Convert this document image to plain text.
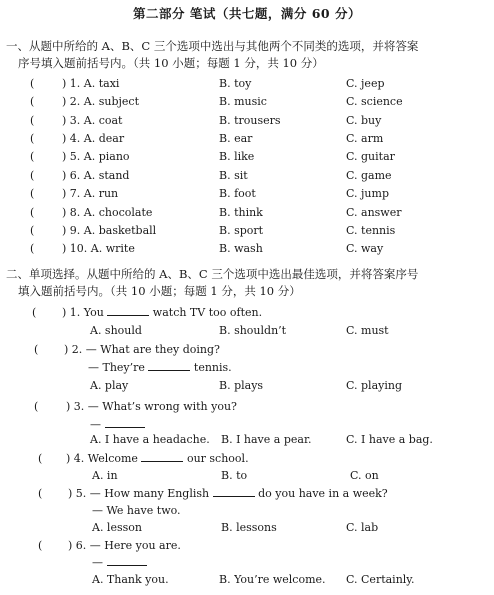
第二部分 笔试（共七题，满分 60 分）
一、从题中所给的 A、B、C 三个选项中选出与其他两个不同类的选项，并将答案
序号填入题前括号内。（共 10 小题；每题 1 分，共 10 分）
(	) 1. A. taxi	B. toy	C. jeep
(	) 2. A. subject	B. music	C. science
(	) 3. A. coat	B. trousers	C. buy
(	) 4. A. dear	B. ear	C. arm
(	) 5. A. piano	B. like	C. guitar
(	) 6. A. stand	B. sit	C. game
(	) 7. A. run	B. foot	C. jump
(	) 8. A. chocolate	B. think	C. answer
(	) 9. A. basketball	B. sport	C. tennis
(	) 10. A. write	B. wash	C. way
二、单项选择。从题中所给的 A、B、C 三个选项中选出最佳选项，并将答案序号
填入题前括号内。（共 10 小题；每题 1 分，共 10 分）
( ) 1. You	watch TV too often.
A. should	B. shouldn’t	C. must
( ) 2. — What are they doing?
— They’re	tennis.
A. play	B. plays	C. playing
(	) 3. — What’s wrong with you?
—
A. I have a headache. B. I have a pear.	C. I have a bag.
( ) 4. Welcome	our school.
A. in	B. to	C. on
( ) 5. — How many English	do you have in a week?
— We have two.
A. lesson	B. lessons	C. lab
( ) 6. — Here you are.
—
A. Thank you.	B. You’re welcome. C. Certainly.
